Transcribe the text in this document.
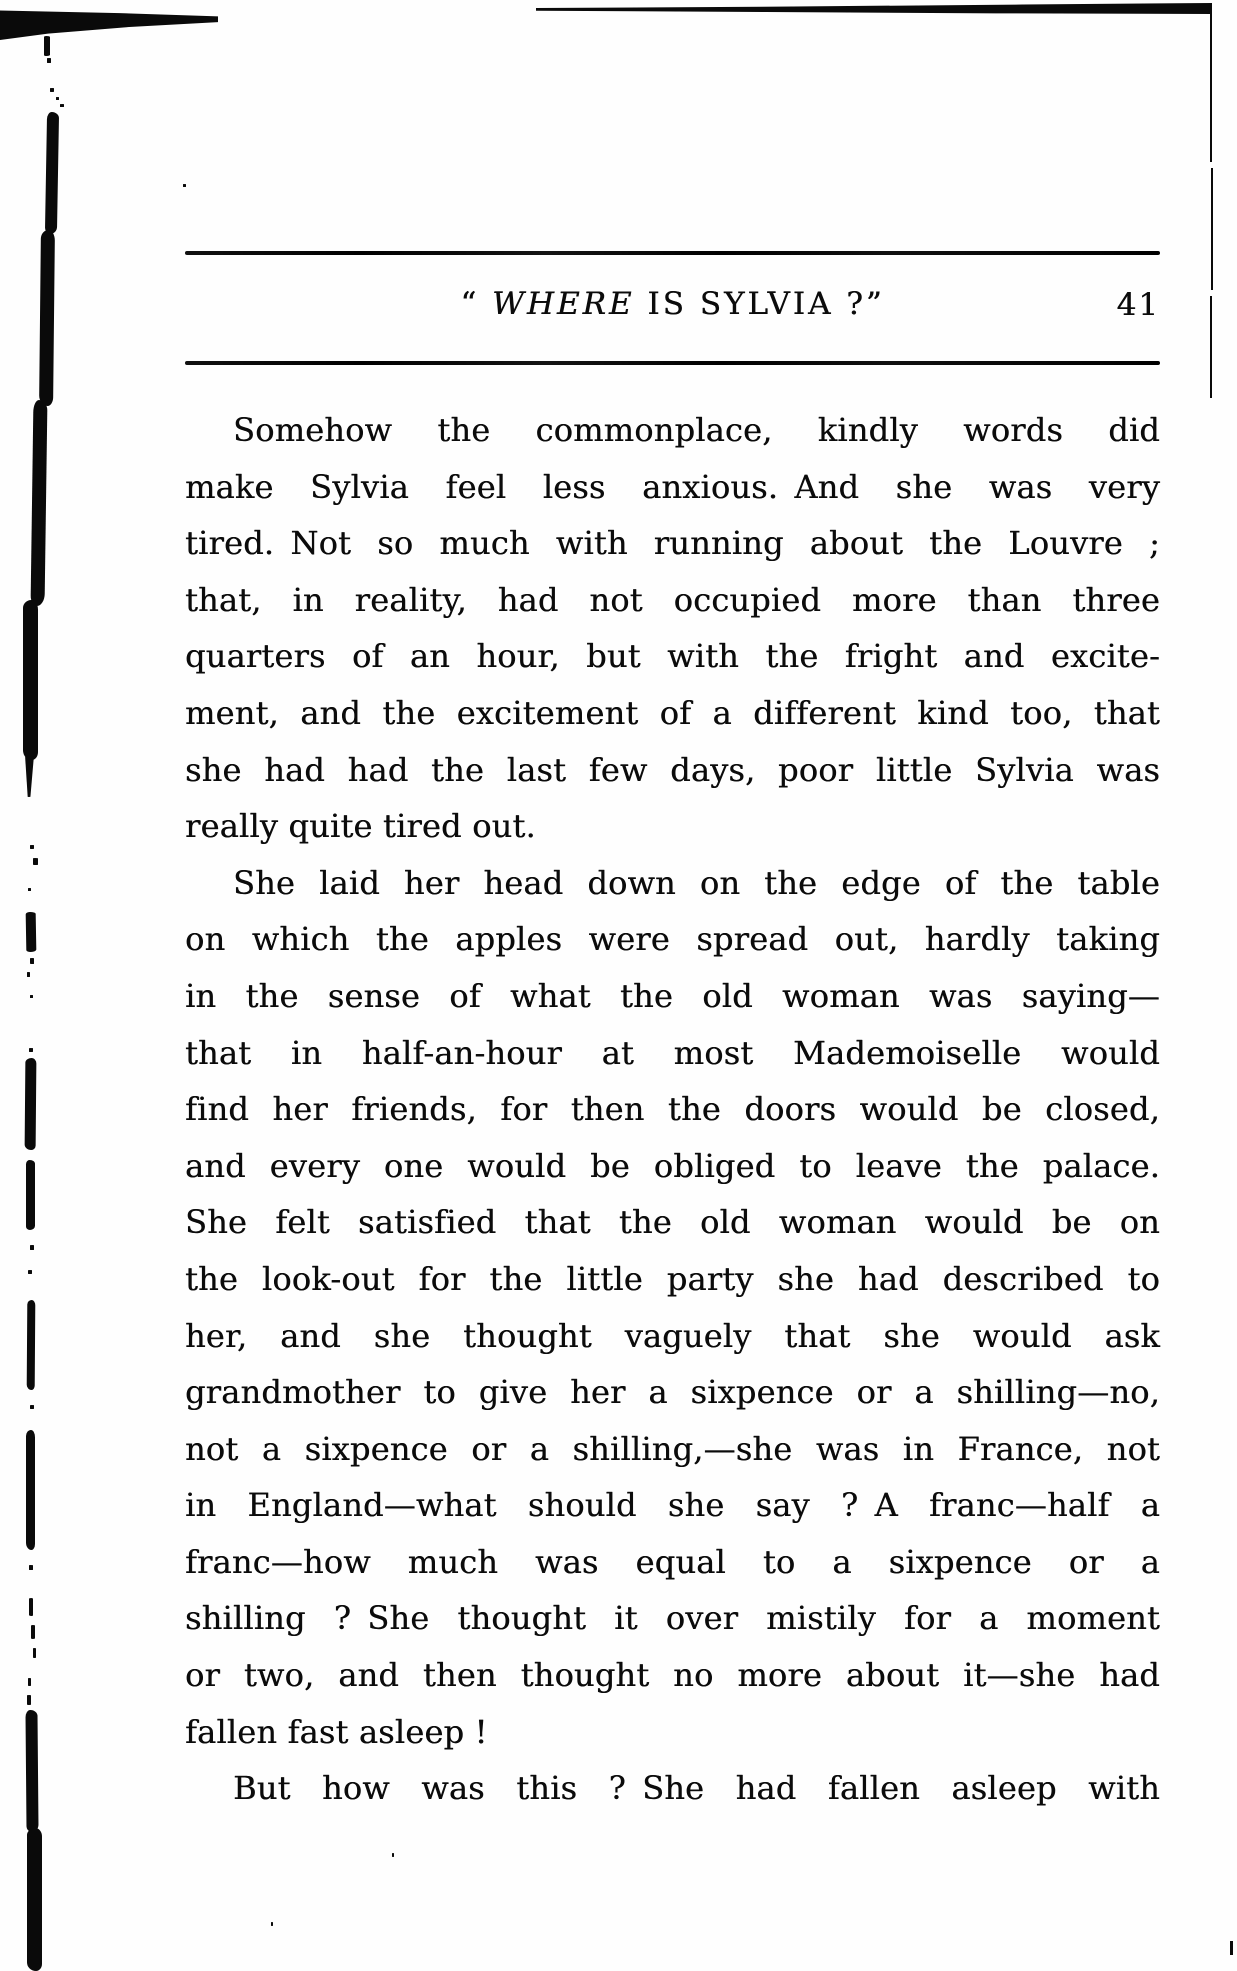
“ WHERE IS SYLVIA ?”	41
Somehow the commonplace, kindly words did
make Sylvia feel less anxious. And she was very
tired. Not so much with running about the Louvre ;
that, in reality, had not occupied more than three
quarters of an hour, but with the fright and excite-
ment, and the excitement of a different kind too, that
she had had the last few days, poor little Sylvia was
really quite tired out.
She laid her head down on the edge of the table
on which the apples were spread out, hardly taking
in the sense of what the old woman was saying—
that in half-an-hour at most Mademoiselle would
find her friends, for then the doors would be closed,
and every one would be obliged to leave the palace.
She felt satisfied that the old woman would be on
the look-out for the little party she had described to
her, and she thought vaguely that she would ask
grandmother to give her a sixpence or a shilling—no,
not a sixpence or a shilling,—she was in France, not
in England—what should she say ? A franc—half a
franc—how much was equal to a sixpence or a
shilling ? She thought it over mistily for a moment
or two, and then thought no more about it—she had
fallen fast asleep !
But how was this ? She had fallen asleep with
